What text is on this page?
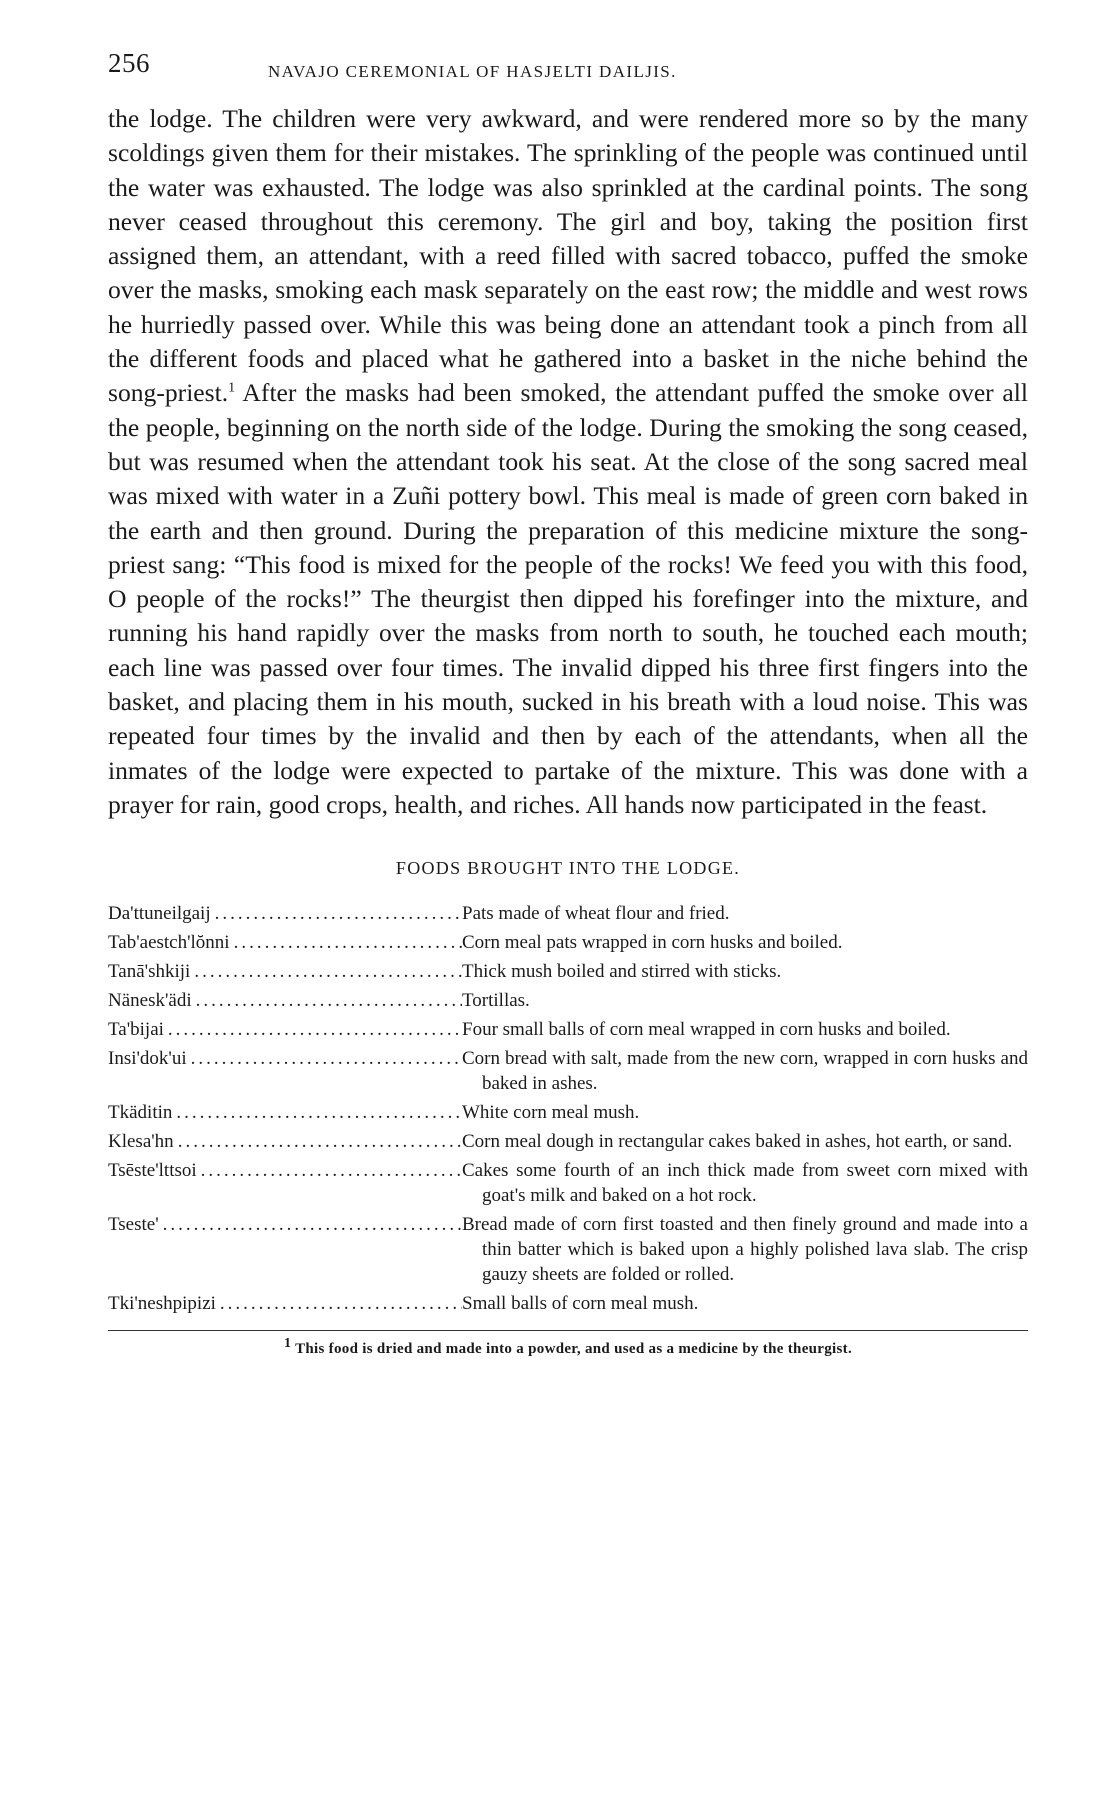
256	NAVAJO CEREMONIAL OF HASJELTI DAILJIS.

the lodge. The children were very awkward, and were rendered more so by the many scoldings given them for their mistakes. The sprinkling of the people was continued until the water was exhausted. The lodge was also sprinkled at the cardinal points. The song never ceased throughout this ceremony. The girl and boy, taking the position first assigned them, an attendant, with a reed filled with sacred tobacco, puffed the smoke over the masks, smoking each mask separately on the east row; the middle and west rows he hurriedly passed over. While this was being done an attendant took a pinch from all the different foods and placed what he gathered into a basket in the niche behind the song-priest.$^1$ After the masks had been smoked, the attendant puffed the smoke over all the people, beginning on the north side of the lodge. During the smoking the song ceased, but was resumed when the attendant took his seat. At the close of the song sacred meal was mixed with water in a Zuñi pottery bowl. This meal is made of green corn baked in the earth and then ground. During the preparation of this medicine mixture the song-priest sang: “This food is mixed for the people of the rocks! We feed you with this food, O people of the rocks!” The theurgist then dipped his forefinger into the mixture, and running his hand rapidly over the masks from north to south, he touched each mouth; each line was passed over four times. The invalid dipped his three first fingers into the basket, and placing them in his mouth, sucked in his breath with a loud noise. This was repeated four times by the invalid and then by each of the attendants, when all the inmates of the lodge were expected to partake of the mixture. This was done with a prayer for rain, good crops, health, and riches. All hands now participated in the feast.

FOODS BROUGHT INTO THE LODGE.
Da'ttuneilgaij .....	Pats made of wheat flour and fried.
Tab'aestch'lŏnni .....	Corn meal pats wrapped in corn husks and boiled.
Tanā'shkiji .....	Thick mush boiled and stirred with sticks.
Nänesk'ädi .....	Tortillas.
Ta'bijai .....	Four small balls of corn meal wrapped in corn husks and boiled.
Insi'dok'ui .....	Corn bread with salt, made from the new corn, wrapped in corn husks and baked in ashes.
Tkäditin .....	White corn meal mush.
Klesa'hn .....	Corn meal dough in rectangular cakes baked in ashes, hot earth, or sand.
Tsēste'lttsoi .....	Cakes some fourth of an inch thick made from sweet corn mixed with goat's milk and baked on a hot rock.
Tseste' .....	Bread made of corn first toasted and then finely ground and made into a thin batter which is baked upon a highly polished lava slab. The crisp gauzy sheets are folded or rolled.
Tki'neshpipizi .....	Small balls of corn meal mush.
$^1$ This food is dried and made into a powder, and used as a medicine by the theurgist.
